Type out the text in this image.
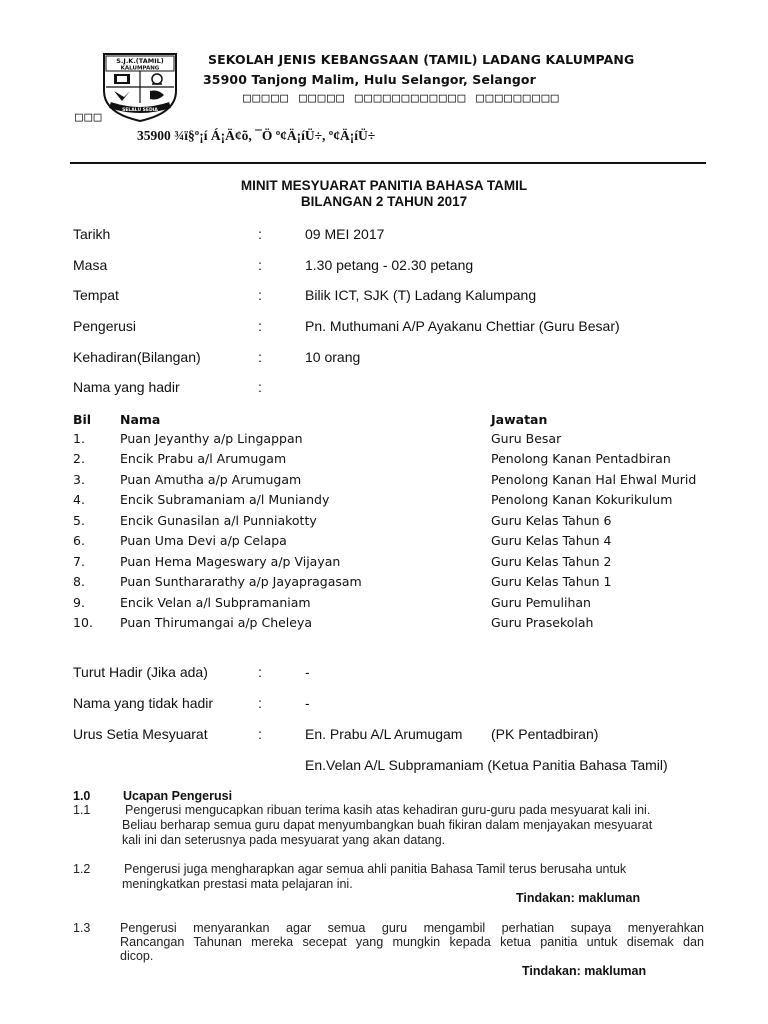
S.J.K.(TAMIL)
KALUMPANG
SELALU SEDIA
SEKOLAH JENIS KEBANGSAAN (TAMIL) LADANG KALUMPANG
35900 Tanjong Malim, Hulu Selangor, Selangor
□□□□□ □□□□□ □□□□□□□□□□□□ □□□□□□□□□
□□□
35900 ¾ï§º¡í Á¡Ä¢õ, ¯Ö º¢Ä¡íÜ÷, º¢Ä¡íÜ÷
MINIT MESYUARAT PANITIA BAHASA TAMIL
BILANGAN 2 TAHUN 2017
Tarikh	:	09 MEI 2017
Masa	:	1.30 petang - 02.30 petang
Tempat	:	Bilik ICT, SJK (T) Ladang Kalumpang
Pengerusi	:	Pn. Muthumani A/P Ayakanu Chettiar (Guru Besar)
Kehadiran(Bilangan)	:	10 orang
Nama yang hadir	:
Bil Nama	Jawatan
1.	Puan Jeyanthy a/p Lingappan	Guru Besar
2.	Encik Prabu a/l Arumugam	Penolong Kanan Pentadbiran
3.	Puan Amutha a/p Arumugam	Penolong Kanan Hal Ehwal Murid
4.	Encik Subramaniam a/l Muniandy	Penolong Kanan Kokurikulum
5.	Encik Gunasilan a/l Punniakotty	Guru Kelas Tahun 6
6.	Puan Uma Devi a/p Celapa	Guru Kelas Tahun 4
7.	Puan Hema Mageswary a/p Vijayan	Guru Kelas Tahun 2
8.	Puan Sunthararathy a/p Jayapragasam	Guru Kelas Tahun 1
9.	Encik Velan a/l Subpramaniam	Guru Pemulihan
10. Puan Thirumangai a/p Cheleya	Guru Prasekolah
Turut Hadir (Jika ada)	:	-
Nama yang tidak hadir	:	-
Urus Setia Mesyuarat	:	En. Prabu A/L Arumugam (PK Pentadbiran)
En.Velan A/L Subpramaniam (Ketua Panitia Bahasa Tamil)
1.0	Ucapan Pengerusi
1.1	Pengerusi mengucapkan ribuan terima kasih atas kehadiran guru-guru pada mesyuarat kali ini.
Beliau berharap semua guru dapat menyumbangkan buah fikiran dalam menjayakan mesyuarat
kali ini dan seterusnya pada mesyuarat yang akan datang.
1.2	Pengerusi juga mengharapkan agar semua ahli panitia Bahasa Tamil terus berusaha untuk
meningkatkan prestasi mata pelajaran ini.
Tindakan: makluman
1.3 Pengerusi menyarankan agar semua guru mengambil perhatian supaya menyerahkan
Rancangan Tahunan mereka secepat yang mungkin kepada ketua panitia untuk disemak dan
dicop.
Tindakan: makluman
